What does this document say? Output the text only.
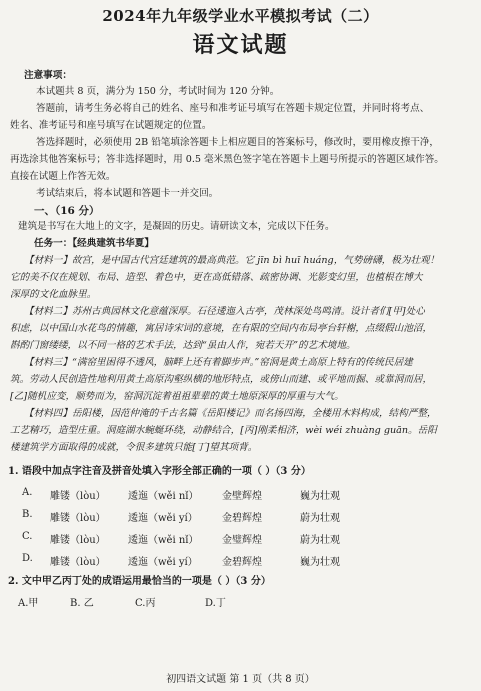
2024年九年级学业水平模拟考试（二）
语文试题
注意事项：
本试题共 8 页，满分为 150 分，考试时间为 120 分钟。
答题前，请考生务必将自己的姓名、座号和准考证号填写在答题卡规定位置，并同时将考点、
姓名、准考证号和座号填写在试题规定的位置。
答选择题时，必须使用 2B 铅笔填涂答题卡上相应题目的答案标号，修改时，要用橡皮擦干净，
再选涂其他答案标号；答非选择题时，用 0.5 毫米黑色签字笔在答题卡上题号所提示的答题区域作答。
直接在试题上作答无效。
考试结束后，将本试题和答题卡一并交回。
一、（16 分）
建筑是书写在大地上的文字，是凝固的历史。请研读文本，完成以下任务。
任务一：【经典建筑书华夏】
【材料一】故宫，是中国古代宫廷建筑的最高典范。它 jīn bì huī huáng，气势磅礴，极为壮观！
它的美不仅在规划、布局、造型、着色中，更在高低错落、疏密协调、光影变幻里，也植根在博大
深厚的文化血脉里。
【材料二】苏州古典园林文化意蕴深厚。石径逶迤入古亭，茂林深处鸟鸣清。设计者们[甲]处心
积虑，以中国山水花鸟的情趣，寓居诗宋词的意境，在有限的空间内布局亭台轩榭，点缀假山池沼，
斟酌门窗缕缕，以不同一格的艺术手法，达到“虽由人作，宛若天开”的艺术境地。
【材料三】“满窑里困得不透风，脑畔上还有着脚步声。”窑洞是黄土高原上特有的传统民居建
筑。劳动人民创造性地利用黄土高原沟壑纵横的地形特点，或傍山而建、或平地而掘、或靠洞而居，
[乙]随机应变，顺势而为，窑洞沉淀着祖祖辈辈的黄土地原深厚的厚重与大气。
【材料四】岳阳楼，因范仲淹的千古名篇《岳阳楼记》而名扬四海，全楼用木料构成，结构严整，
工艺精巧，造型庄重。洞庭湖水蜿蜒环绕，动静结合，[丙]刚柔相济，wèi wéi zhuàng guān。岳阳
楼建筑学方面取得的成就，令很多建筑只能[丁]望其项背。
1. 语段中加点字注音及拼音处填入字形全部正确的一项（ ）（3 分）
A. 雕镂（lòu） 逶迤（wěi nǐ） 金壁辉煌	巍为壮观
B. 雕镂（lòu） 逶迤（wěi yí） 金碧辉煌	蔚为壮观
C. 雕镂（lòu） 逶迤（wěi nǐ） 金璧辉煌	蔚为壮观
D. 雕镂（lòu） 逶迤（wěi yí） 金碧辉煌	巍为壮观
2. 文中甲乙丙丁处的成语运用最恰当的一项是（ ）（3 分）
A.甲	B. 乙	C.丙	D.丁
初四语文试题 第 1 页（共 8 页）
